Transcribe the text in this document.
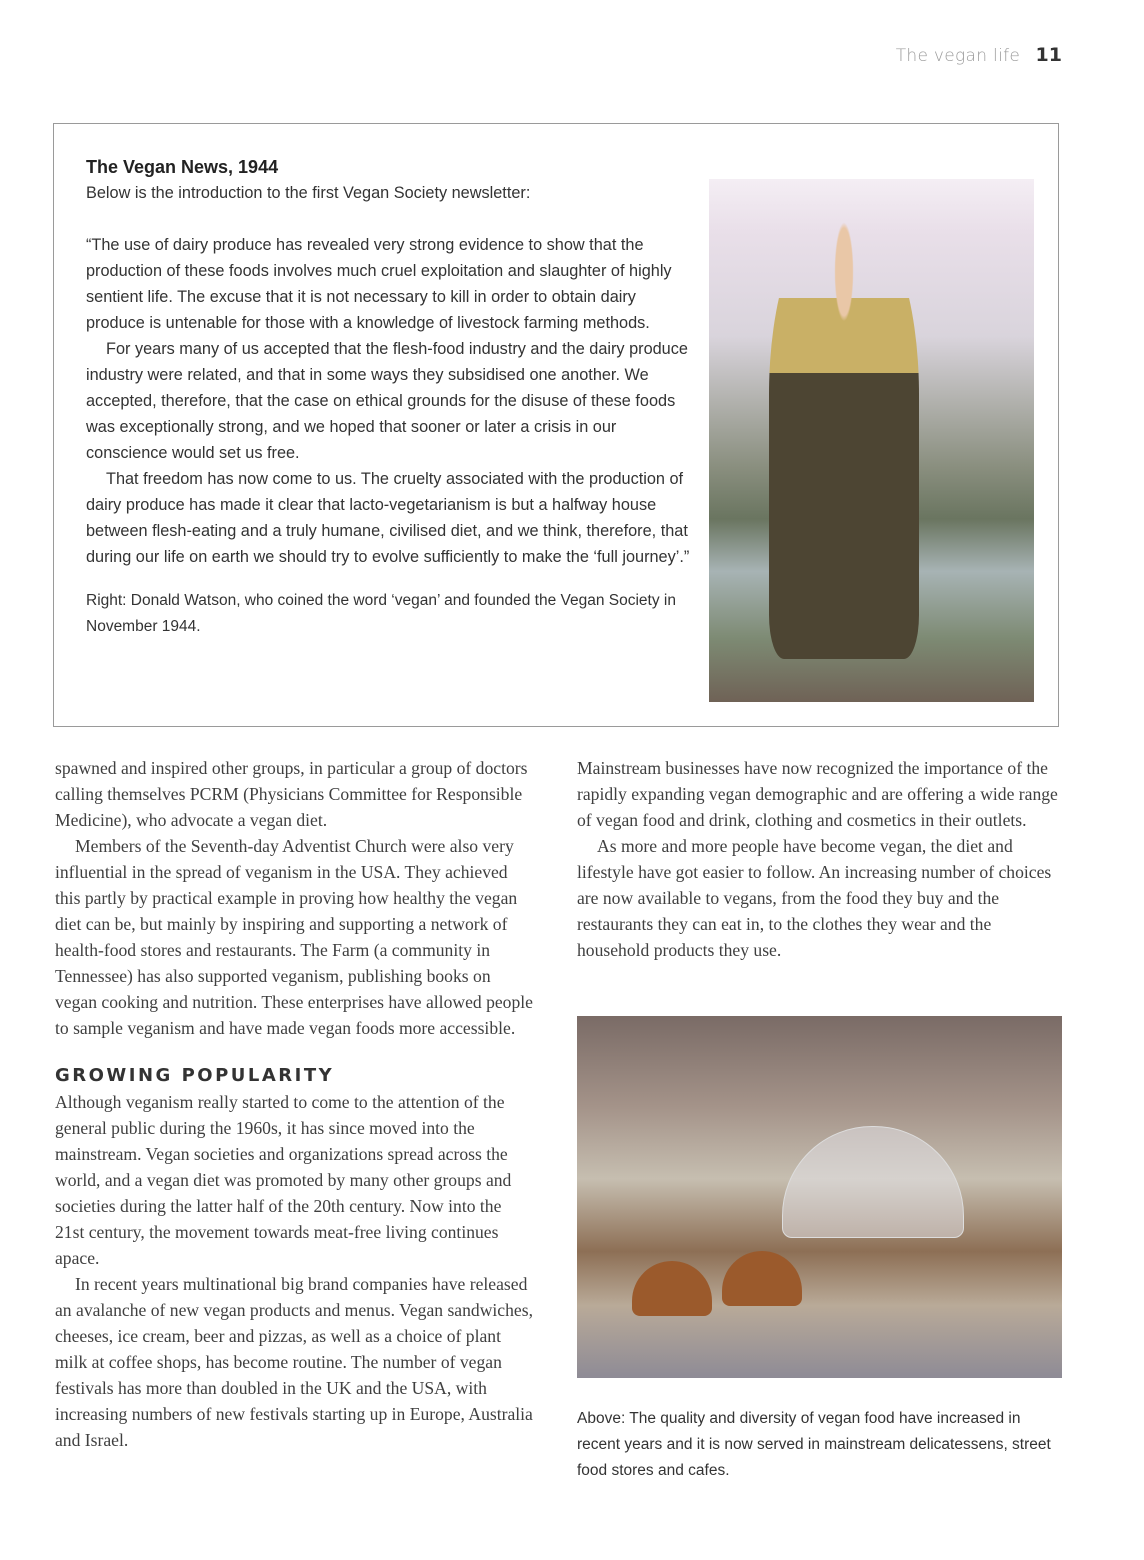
The vegan life 11

The Vegan News, 1944

Below is the introduction to the first Vegan Society newsletter:

“The use of dairy produce has revealed very strong evidence to show that the production of these foods involves much cruel exploitation and slaughter of highly sentient life. The excuse that it is not necessary to kill in order to obtain dairy produce is untenable for those with a knowledge of livestock farming methods.

For years many of us accepted that the flesh-food industry and the dairy produce industry were related, and that in some ways they subsidised one another. We accepted, therefore, that the case on ethical grounds for the disuse of these foods was exceptionally strong, and we hoped that sooner or later a crisis in our conscience would set us free.

That freedom has now come to us. The cruelty associated with the production of dairy produce has made it clear that lacto-vegetarianism is but a halfway house between flesh-eating and a truly humane, civilised diet, and we think, therefore, that during our life on earth we should try to evolve sufficiently to make the ‘full journey’.”

Right: Donald Watson, who coined the word ‘vegan’ and founded the Vegan Society in November 1944.

spawned and inspired other groups, in particular a group of doctors calling themselves PCRM (Physicians Committee for Responsible Medicine), who advocate a vegan diet.

Members of the Seventh-day Adventist Church were also very influential in the spread of veganism in the USA. They achieved this partly by practical example in proving how healthy the vegan diet can be, but mainly by inspiring and supporting a network of health-food stores and restaurants. The Farm (a community in Tennessee) has also supported veganism, publishing books on vegan cooking and nutrition. These enterprises have allowed people to sample veganism and have made vegan foods more accessible.

GROWING POPULARITY

Although veganism really started to come to the attention of the general public during the 1960s, it has since moved into the mainstream. Vegan societies and organizations spread across the world, and a vegan diet was promoted by many other groups and societies during the latter half of the 20th century. Now into the 21st century, the movement towards meat-free living continues apace.

In recent years multinational big brand companies have released an avalanche of new vegan products and menus. Vegan sandwiches, cheeses, ice cream, beer and pizzas, as well as a choice of plant milk at coffee shops, has become routine. The number of vegan festivals has more than doubled in the UK and the USA, with increasing numbers of new festivals starting up in Europe, Australia and Israel.

Mainstream businesses have now recognized the importance of the rapidly expanding vegan demographic and are offering a wide range of vegan food and drink, clothing and cosmetics in their outlets.

As more and more people have become vegan, the diet and lifestyle have got easier to follow. An increasing number of choices are now available to vegans, from the food they buy and the restaurants they can eat in, to the clothes they wear and the household products they use.

Above: The quality and diversity of vegan food have increased in recent years and it is now served in mainstream delicatessens, street food stores and cafes.
